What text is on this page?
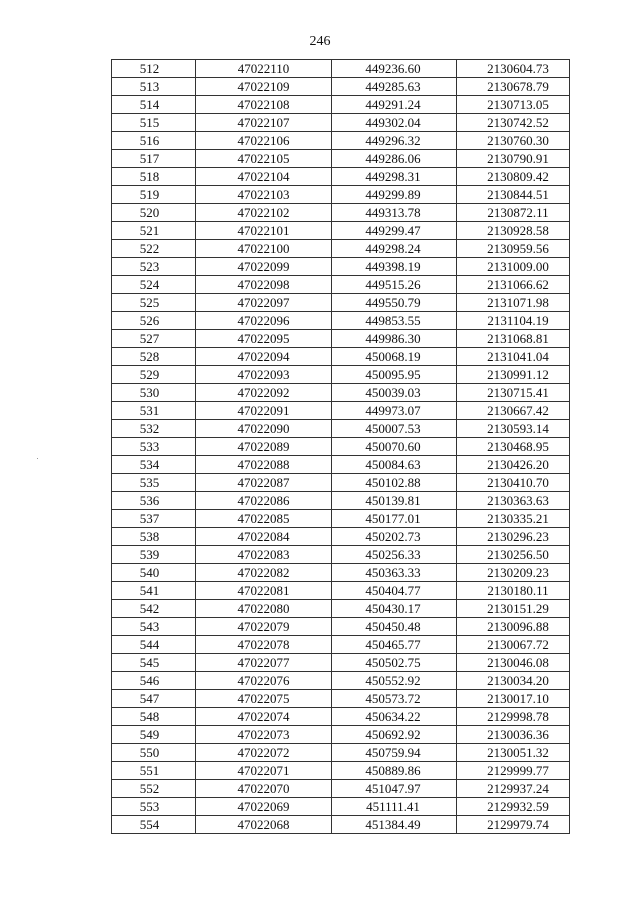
246
512	47022110	449236.60	2130604.73
513	47022109	449285.63	2130678.79
514	47022108	449291.24	2130713.05
515	47022107	449302.04	2130742.52
516	47022106	449296.32	2130760.30
517	47022105	449286.06	2130790.91
518	47022104	449298.31	2130809.42
519	47022103	449299.89	2130844.51
520	47022102	449313.78	2130872.11
521	47022101	449299.47	2130928.58
522	47022100	449298.24	2130959.56
523	47022099	449398.19	2131009.00
524	47022098	449515.26	2131066.62
525	47022097	449550.79	2131071.98
526	47022096	449853.55	2131104.19
527	47022095	449986.30	2131068.81
528	47022094	450068.19	2131041.04
529	47022093	450095.95	2130991.12
530	47022092	450039.03	2130715.41
531	47022091	449973.07	2130667.42
532	47022090	450007.53	2130593.14
533	47022089	450070.60	2130468.95
534	47022088	450084.63	2130426.20
535	47022087	450102.88	2130410.70
536	47022086	450139.81	2130363.63
537	47022085	450177.01	2130335.21
538	47022084	450202.73	2130296.23
539	47022083	450256.33	2130256.50
540	47022082	450363.33	2130209.23
541	47022081	450404.77	2130180.11
542	47022080	450430.17	2130151.29
543	47022079	450450.48	2130096.88
544	47022078	450465.77	2130067.72
545	47022077	450502.75	2130046.08
546	47022076	450552.92	2130034.20
547	47022075	450573.72	2130017.10
548	47022074	450634.22	2129998.78
549	47022073	450692.92	2130036.36
550	47022072	450759.94	2130051.32
551	47022071	450889.86	2129999.77
552	47022070	451047.97	2129937.24
553	47022069	451111.41	2129932.59
554	47022068	451384.49	2129979.74
